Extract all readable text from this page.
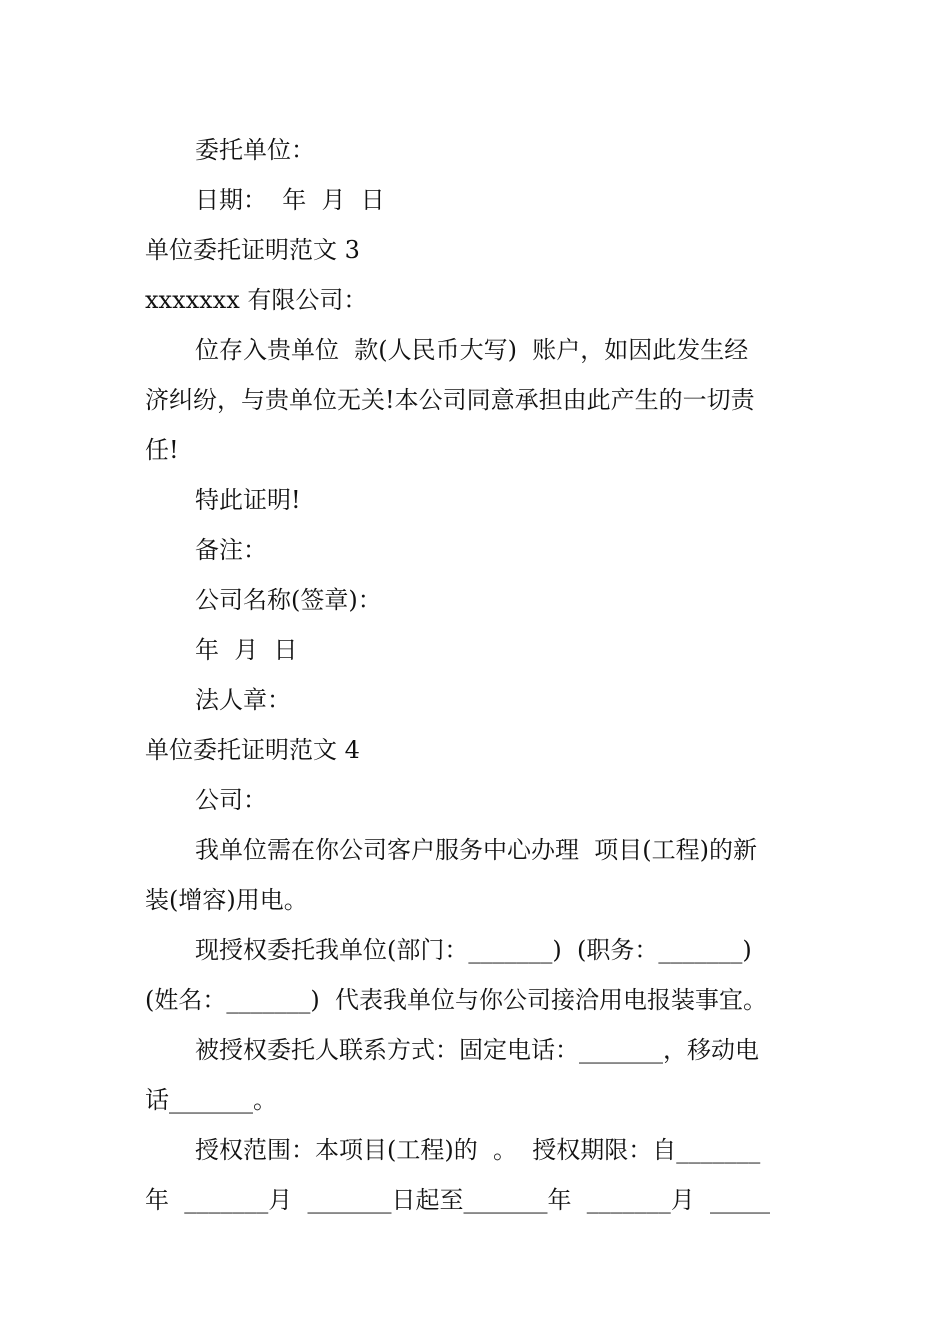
委托单位：
日期：  年  月  日
单位委托证明范文 3
xxxxxxx 有限公司：
位存入贵单位  款(人民币大写)  账户，如因此发生经
济纠纷，与贵单位无关!本公司同意承担由此产生的一切责
任!
特此证明!
备注：
公司名称(签章)：
年  月  日
法人章：
单位委托证明范文 4
公司：
我单位需在你公司客户服务中心办理  项目(工程)的新
装(增容)用电。
现授权委托我单位(部门：_______)  (职务：_______)
(姓名：_______)  代表我单位与你公司接洽用电报装事宜。
被授权委托人联系方式：固定电话：_______，移动电
话_______。
授权范围：本项目(工程)的  。  授权期限：自_______
年  _______月  _______日起至_______年  _______月  _____
